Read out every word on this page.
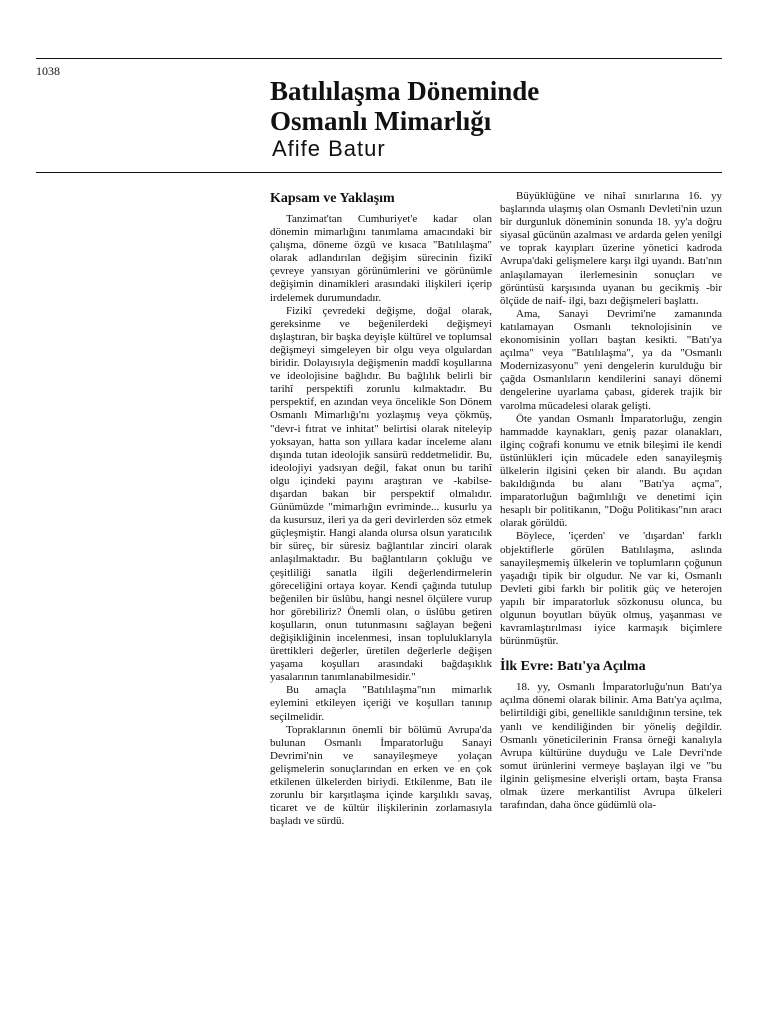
1038
Batılılaşma Döneminde
Osmanlı Mimarlığı
Afife Batur
Kapsam ve Yaklaşım

Tanzimat'tan Cumhuriyet'e kadar olan dönemin mimarlığını tanımlama amacındaki bir çalışma, döneme özgü ve kısaca "Batılılaşma" olarak adlandırılan değişim sürecinin fizikî çevreye yansıyan görünümlerini ve görünümle değişimin dinamikleri arasındaki ilişkileri içerip irdelemek durumundadır.

Fizikî çevredeki değişme, doğal olarak, gereksinme ve beğenilerdeki değişmeyi dışlaştıran, bir başka deyişle kültürel ve toplumsal değişmeyi simgeleyen bir olgu veya olgulardan biridir. Dolayısıyla değişmenin maddî koşullarına ve ideolojisine bağlıdır. Bu bağlılık belirli bir tarihî perspektifi zorunlu kılmaktadır. Bu perspektif, en azından veya öncelikle Son Dönem Osmanlı Mimarlığı'nı yozlaşmış veya çökmüş, "devr-i fıtrat ve inhitat" belirtisi olarak niteleyip yoksayan, hatta son yıllara kadar inceleme alanı dışında tutan ideolojik sansürü reddetmelidir. Bu, ideolojiyi yadsıyan değil, fakat onun bu tarihî olgu içindeki payını araştıran ve -kabilse- dışardan bakan bir perspektif olmalıdır. Günümüzde "mimarlığın evriminde... kusurlu ya da kusursuz, ileri ya da geri devirlerden söz etmek güçleşmiştir. Hangi alanda olursa olsun yaratıcılık bir süreç, bir süresiz bağlantılar zinciri olarak anlaşılmaktadır. Bu bağlantıların çokluğu ve çeşitliliği sanatla ilgili değerlendirmelerin göreceliğini ortaya koyar. Kendi çağında tutulup beğenilen bir üslûbu, hangi nesnel ölçülere vurup hor görebiliriz? Önemli olan, o üslûbu getiren koşulların, onun tutunmasını sağlayan beğeni değişikliğinin incelenmesi, insan topluluklarıyla ürettikleri değerler, üretilen değerlerle değişen yaşama koşulları arasındaki bağdaşıklık yasalarının tanımlanabilmesidir."

Bu amaçla "Batılılaşma"nın mimarlık eylemini etkileyen içeriği ve koşulları tanınıp seçilmelidir.

Topraklarının önemli bir bölümü Avrupa'da bulunan Osmanlı İmparatorluğu Sanayi Devrimi'nin ve sanayileşmeye yolaçan gelişmelerin sonuçlarından en erken ve en çok etkilenen ülkelerden biriydi. Etkilenme, Batı ile zorunlu bir karşıtlaşma içinde karşılıklı savaş, ticaret ve de kültür ilişkilerinin zorlamasıyla başladı ve sürdü.

Büyüklüğüne ve nihaî sınırlarına 16. yy başlarında ulaşmış olan Osmanlı Devleti'nin uzun bir durgunluk döneminin sonunda 18. yy'a doğru siyasal gücünün azalması ve ardarda gelen yenilgi ve toprak kayıpları üzerine yönetici kadroda Avrupa'daki gelişmelere karşı ilgi uyandı. Batı'nın anlaşılamayan ilerlemesinin sonuçları ve görüntüsü karşısında uyanan bu gecikmiş -bir ölçüde de naif- ilgi, bazı değişmeleri başlattı.

Ama, Sanayi Devrimi'ne zamanında katılamayan Osmanlı teknolojisinin ve ekonomisinin yolları baştan kesikti. "Batı'ya açılma" veya "Batılılaşma", ya da "Osmanlı Modernizasyonu" yeni dengelerin kurulduğu bir çağda Osmanlıların kendilerini sanayi dönemi dengelerine uyarlama çabası, giderek trajik bir varolma mücadelesi olarak gelişti.

Öte yandan Osmanlı İmparatorluğu, zengin hammadde kaynakları, geniş pazar olanakları, ilginç coğrafi konumu ve etnik bileşimi ile kendi üstünlükleri için mücadele eden sanayileşmiş ülkelerin ilgisini çeken bir alandı. Bu açıdan bakıldığında bu alanı "Batı'ya açma", imparatorluğun bağımlılığı ve denetimi için hesaplı bir politikanın, "Doğu Politikası"nın aracı olarak görüldü.

Böylece, 'içerden' ve 'dışardan' farklı objektiflerle görülen Batılılaşma, aslında sanayileşmemiş ülkelerin ve toplumların çoğunun yaşadığı tipik bir olgudur. Ne var ki, Osmanlı Devleti gibi farklı bir politik güç ve heterojen yapılı bir imparatorluk sözkonusu olunca, bu olgunun boyutları büyük olmuş, yaşanması ve kavramlaştırılması iyice karmaşık biçimlere bürünmüştür.

İlk Evre: Batı'ya Açılma

18. yy, Osmanlı İmparatorluğu'nun Batı'ya açılma dönemi olarak bilinir. Ama Batı'ya açılma, belirtildiği gibi, genellikle sanıldığının tersine, tek yanlı ve kendiliğinden bir yöneliş değildir. Osmanlı yöneticilerinin Fransa örneği kanalıyla Avrupa kültürüne duyduğu ve Lale Devri'nde somut ürünlerini vermeye başlayan ilgi ve "bu ilginin gelişmesine elverişli ortam, başta Fransa olmak üzere merkantilist Avrupa ülkeleri tarafından, daha önce güdümlü ola-
